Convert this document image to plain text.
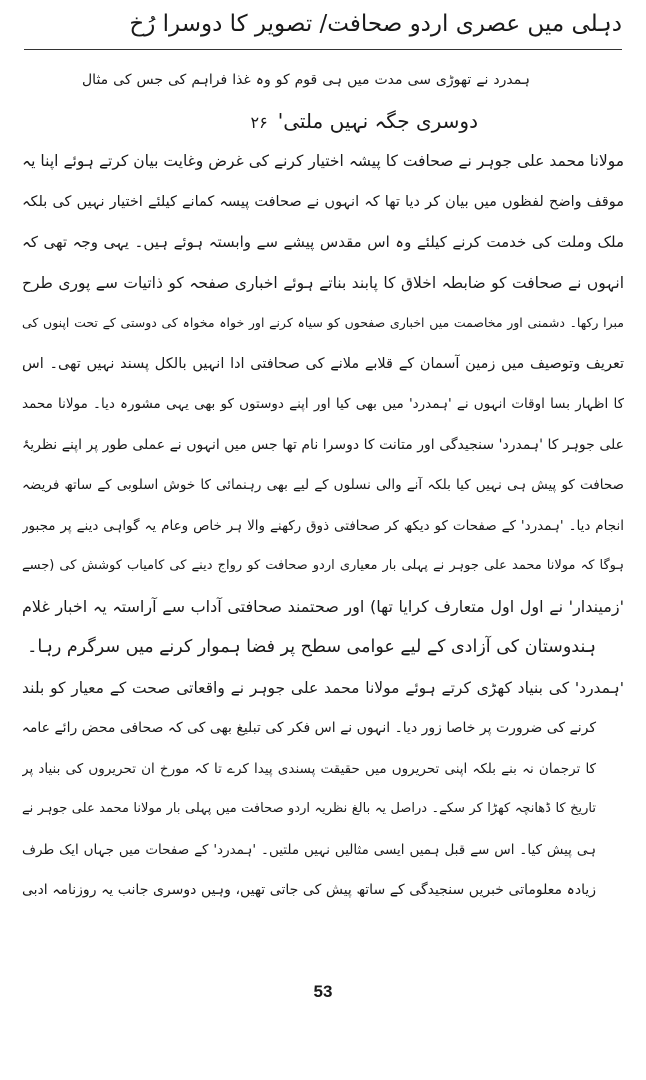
دہلی میں عصری اردو صحافت/ تصویر کا دوسرا رُخ
ہمدرد نے تھوڑی سی مدت میں ہی قوم کو وہ غذا فراہم کی جس کی مثال
دوسری جگہ نہیں ملتی'۲۶
مولانا محمد علی جوہر نے صحافت کا پیشہ اختیار کرنے کی غرض وغایت بیان کرتے ہوئے اپنا یہ
موقف واضح لفظوں میں بیان کر دیا تھا کہ انہوں نے صحافت پیسہ کمانے کیلئے اختیار نہیں کی بلکہ
ملک وملت کی خدمت کرنے کیلئے وہ اس مقدس پیشے سے وابستہ ہوئے ہیں۔ یہی وجہ تھی کہ
انہوں نے صحافت کو ضابطہ اخلاق کا پابند بناتے ہوئے اخباری صفحہ کو ذاتیات سے پوری طرح
مبرا رکھا۔ دشمنی اور مخاصمت میں اخباری صفحوں کو سیاہ کرنے اور خواہ مخواہ کی دوستی کے تحت اپنوں کی
تعریف وتوصیف میں زمین آسمان کے قلابے ملانے کی صحافتی ادا انہیں بالکل پسند نہیں تھی۔ اس
کا اظہار بسا اوقات انہوں نے 'ہمدرد' میں بھی کیا اور اپنے دوستوں کو بھی یہی مشورہ دیا۔ مولانا محمد
علی جوہر کا 'ہمدرد' سنجیدگی اور متانت کا دوسرا نام تھا جس میں انہوں نے عملی طور پر اپنے نظریۂ
صحافت کو پیش ہی نہیں کیا بلکہ آنے والی نسلوں کے لیے بھی رہنمائی کا خوش اسلوبی کے ساتھ فریضہ
انجام دیا۔ 'ہمدرد' کے صفحات کو دیکھ کر صحافتی ذوق رکھنے والا ہر خاص وعام یہ گواہی دینے پر مجبور
ہوگا کہ مولانا محمد علی جوہر نے پہلی بار معیاری اردو صحافت کو رواج دینے کی کامیاب کوشش کی (جسے
'زمیندار' نے اول اول متعارف کرایا تھا) اور صحتمند صحافتی آداب سے آراستہ یہ اخبار غلام
ہندوستان کی آزادی کے لیے عوامی سطح پر فضا ہموار کرنے میں سرگرم رہا۔
'ہمدرد' کی بنیاد کھڑی کرتے ہوئے مولانا محمد علی جوہر نے واقعاتی صحت کے معیار کو بلند
کرنے کی ضرورت پر خاصا زور دیا۔ انہوں نے اس فکر کی تبلیغ بھی کی کہ صحافی محض رائے عامہ
کا ترجمان نہ بنے بلکہ اپنی تحریروں میں حقیقت پسندی پیدا کرے تا کہ مورخ ان تحریروں کی بنیاد پر
تاریخ کا ڈھانچہ کھڑا کر سکے۔ دراصل یہ بالغ نظریہ اردو صحافت میں پہلی بار مولانا محمد علی جوہر نے
ہی پیش کیا۔ اس سے قبل ہمیں ایسی مثالیں نہیں ملتیں۔ 'ہمدرد' کے صفحات میں جہاں ایک طرف
زیادہ معلوماتی خبریں سنجیدگی کے ساتھ پیش کی جاتی تھیں، وہیں دوسری جانب یہ روزنامہ ادبی
53
